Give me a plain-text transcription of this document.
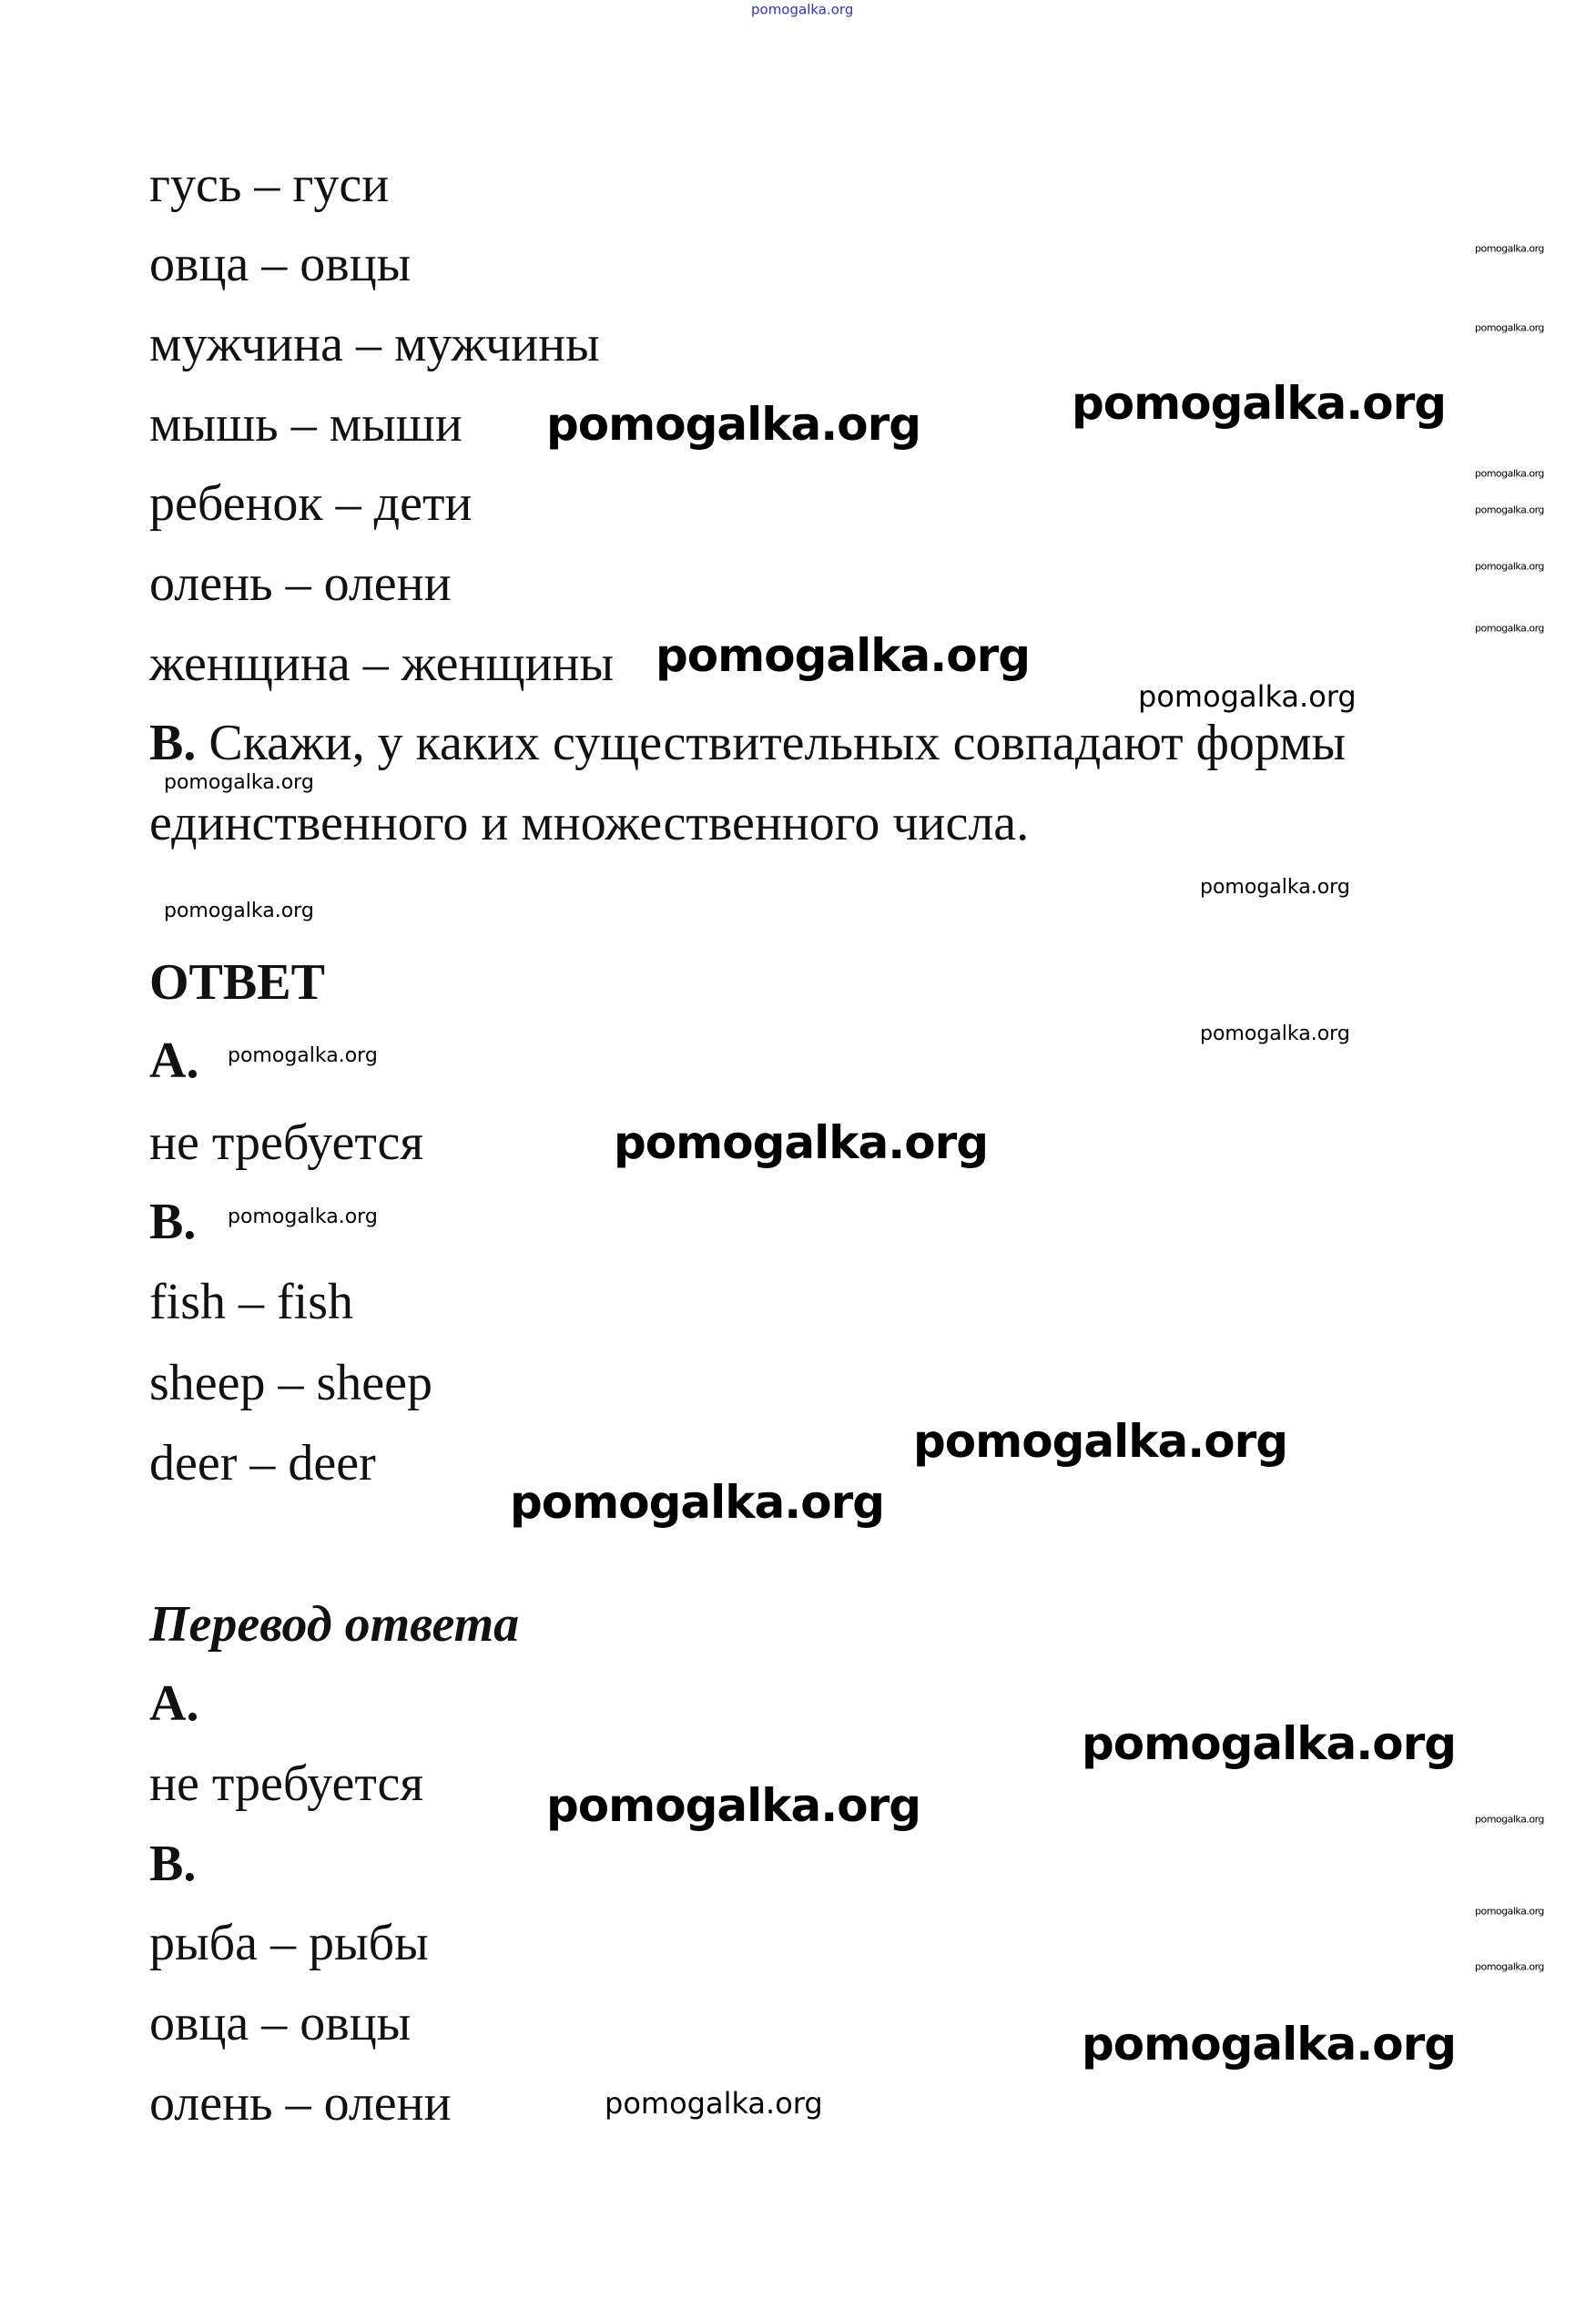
pomogalka.org
гусь – гуси
овца – овцы
мужчина – мужчины
мышь – мыши
ребенок – дети
олень – олени
женщина – женщины
B. Скажи, у каких существительных совпадают формы
единственного и множественного числа.
ОТВЕТ
A.
не требуется
B.
fish – fish
sheep – sheep
deer – deer
Перевод ответа
A.
не требуется
B.
рыба – рыбы
овца – овцы
олень – олени
pomogalka.org
pomogalka.org
pomogalka.org
pomogalka.org
pomogalka.org
pomogalka.org
pomogalka.org
pomogalka.org
pomogalka.org
pomogalka.org	pomogalka.org
pomogalka.org
pomogalka.org
pomogalka.org
pomogalka.org
pomogalka.org
pomogalka.org
pomogalka.org
pomogalka.org
pomogalka.org
pomogalka.org
pomogalka.org
pomogalka.org
pomogalka.org
pomogalka.org
pomogalka.org
